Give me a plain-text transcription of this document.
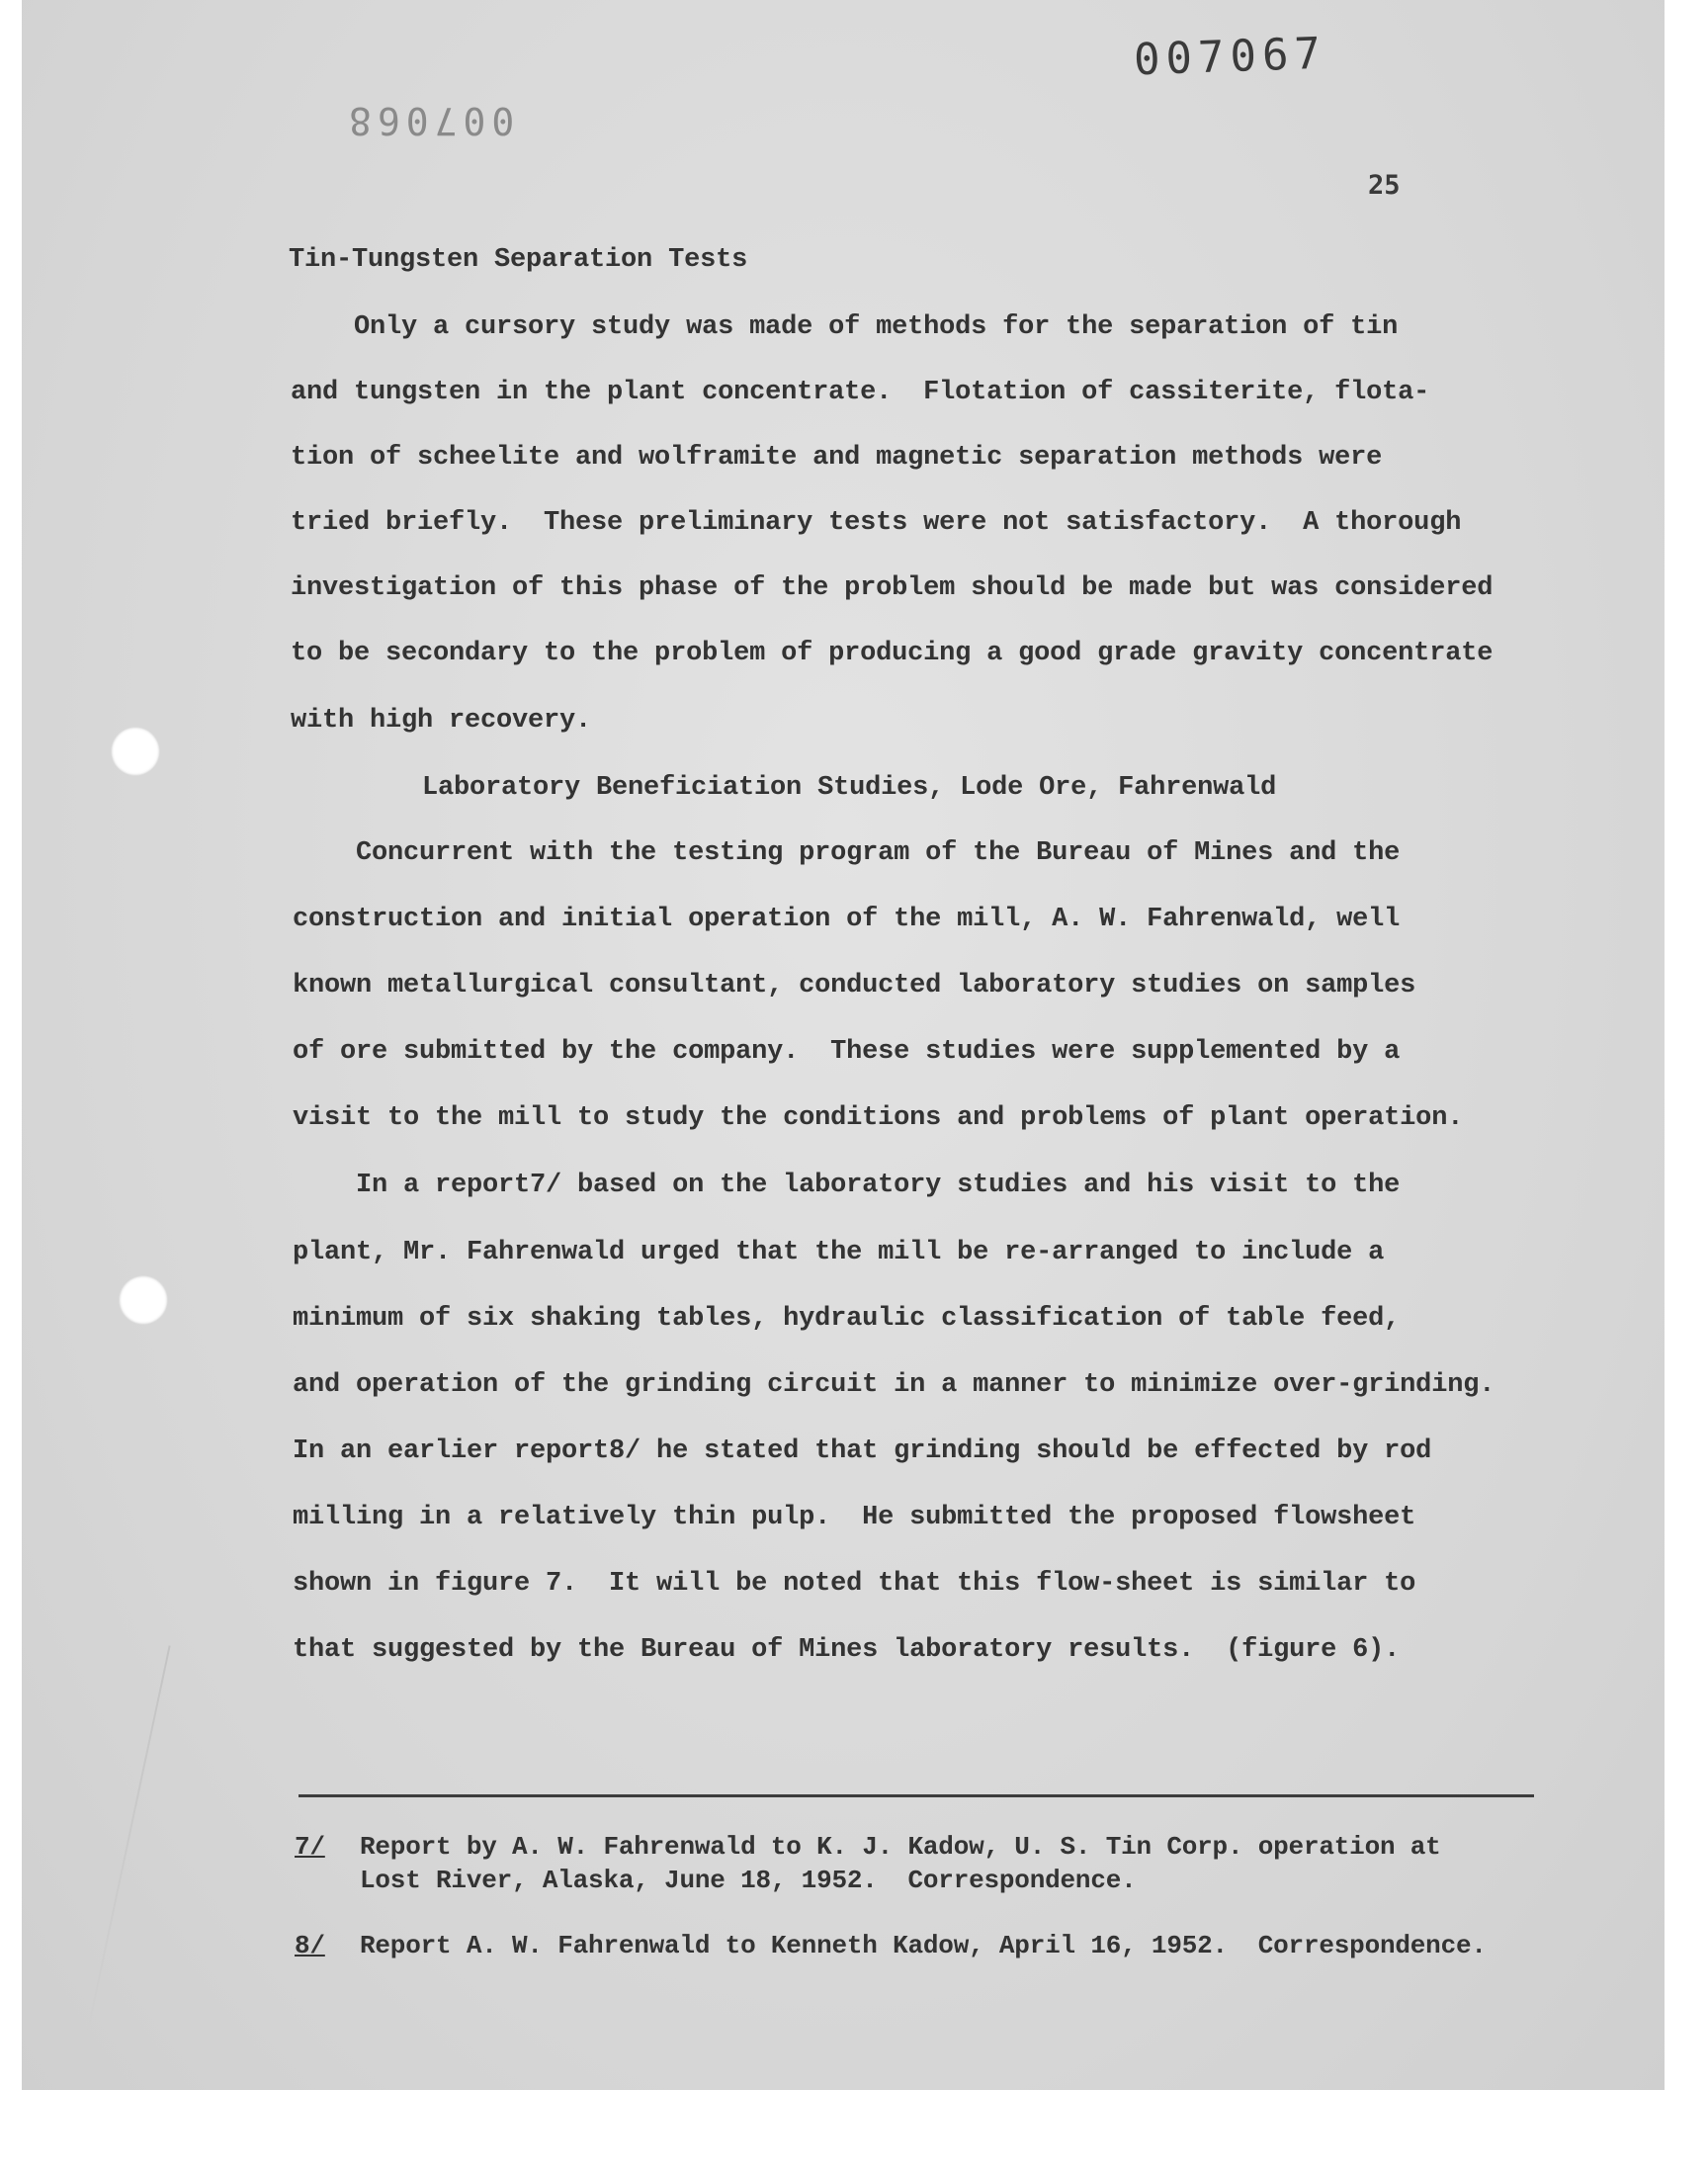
007067
007068
25
Tin-Tungsten Separation Tests
Only a cursory study was made of methods for the separation of tin
and tungsten in the plant concentrate.  Flotation of cassiterite, flota-
tion of scheelite and wolframite and magnetic separation methods were
tried briefly.  These preliminary tests were not satisfactory.  A thorough
investigation of this phase of the problem should be made but was considered
to be secondary to the problem of producing a good grade gravity concentrate
with high recovery.
Laboratory Beneficiation Studies, Lode Ore, Fahrenwald
Concurrent with the testing program of the Bureau of Mines and the
construction and initial operation of the mill, A. W. Fahrenwald, well
known metallurgical consultant, conducted laboratory studies on samples
of ore submitted by the company.  These studies were supplemented by a
visit to the mill to study the conditions and problems of plant operation.
In a report7/ based on the laboratory studies and his visit to the
plant, Mr. Fahrenwald urged that the mill be re-arranged to include a
minimum of six shaking tables, hydraulic classification of table feed,
and operation of the grinding circuit in a manner to minimize over-grinding.
In an earlier report8/ he stated that grinding should be effected by rod
milling in a relatively thin pulp.  He submitted the proposed flowsheet
shown in figure 7.  It will be noted that this flow-sheet is similar to
that suggested by the Bureau of Mines laboratory results.  (figure 6).
7/ Report by A. W. Fahrenwald to K. J. Kadow, U. S. Tin Corp. operation at
Lost River, Alaska, June 18, 1952.  Correspondence.
8/ Report A. W. Fahrenwald to Kenneth Kadow, April 16, 1952.  Correspondence.
